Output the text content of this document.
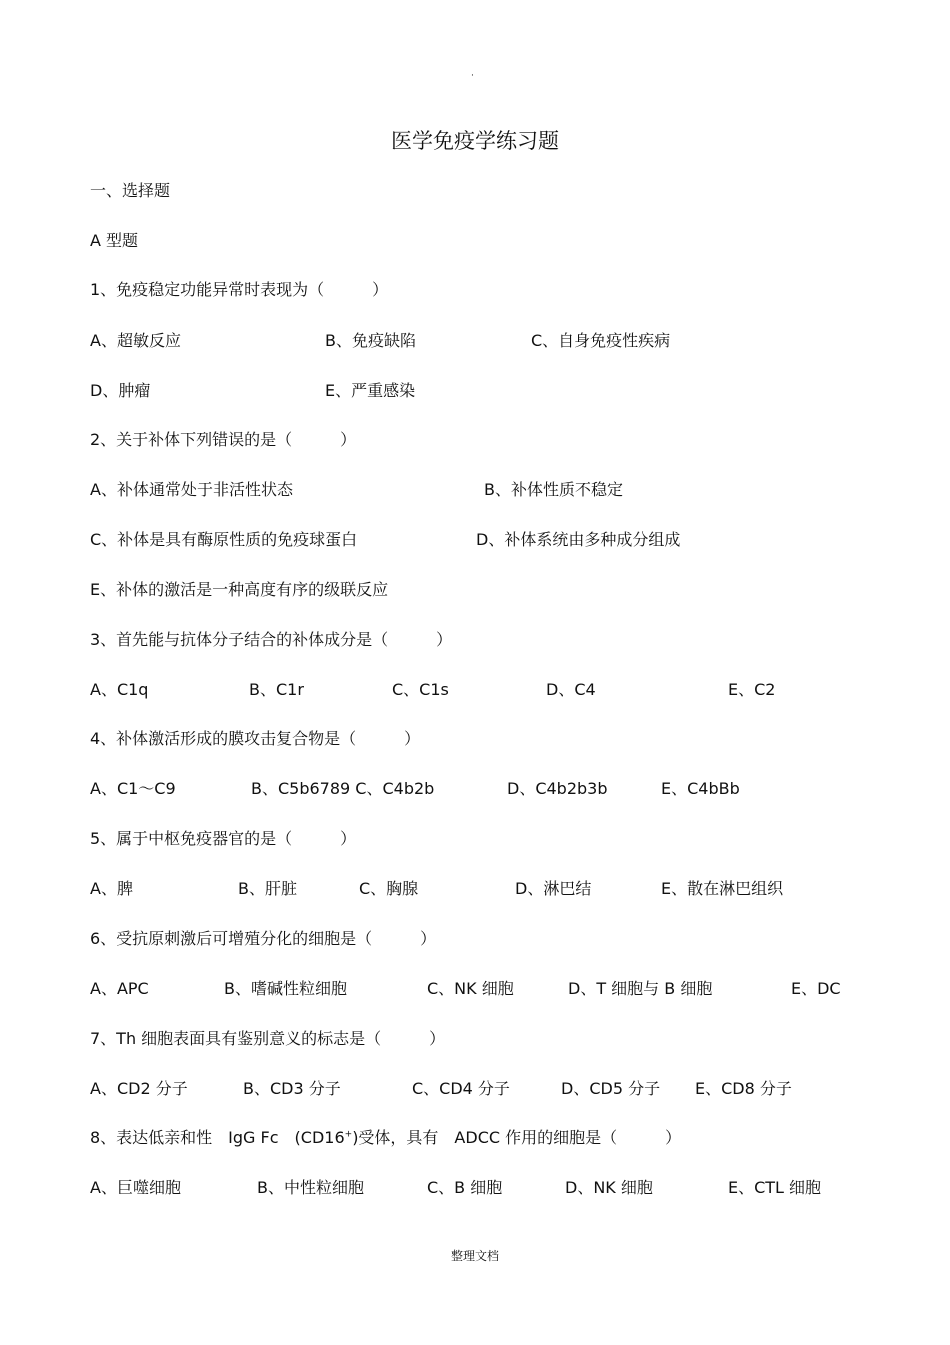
·
医学免疫学练习题
一、选择题
A 型题
1、免疫稳定功能异常时表现为（　　　）
A、超敏反应	B、免疫缺陷	C、自身免疫性疾病
D、肿瘤	E、严重感染
2、关于补体下列错误的是（　　　）
A、补体通常处于非活性状态	B、补体性质不稳定
C、补体是具有酶原性质的免疫球蛋白	D、补体系统由多种成分组成
E、补体的激活是一种高度有序的级联反应
3、首先能与抗体分子结合的补体成分是（　　　）
A、C1q	B、C1r	C、C1s	D、C4	E、C2
4、补体激活形成的膜攻击复合物是（　　　）
A、C1～C9	B、C5b6789 C、C4b2b	D、C4b2b3b	E、C4bBb
5、属于中枢免疫器官的是（　　　）
A、脾	B、肝脏	C、胸腺	D、淋巴结	E、散在淋巴组织
6、受抗原刺激后可增殖分化的细胞是（　　　）
A、APC	B、嗜碱性粒细胞	C、NK 细胞	D、T 细胞与 B 细胞	E、DC
7、Th 细胞表面具有鉴别意义的标志是（　　　）
A、CD2 分子	B、CD3 分子	C、CD4 分子	D、CD5 分子 E、CD8 分子
8、表达低亲和性　IgG Fc　(CD16+)受体，具有　ADCC 作用的细胞是（　　　）
A、巨噬细胞	B、中性粒细胞	C、B 细胞	D、NK 细胞	E、CTL 细胞
整理文档
